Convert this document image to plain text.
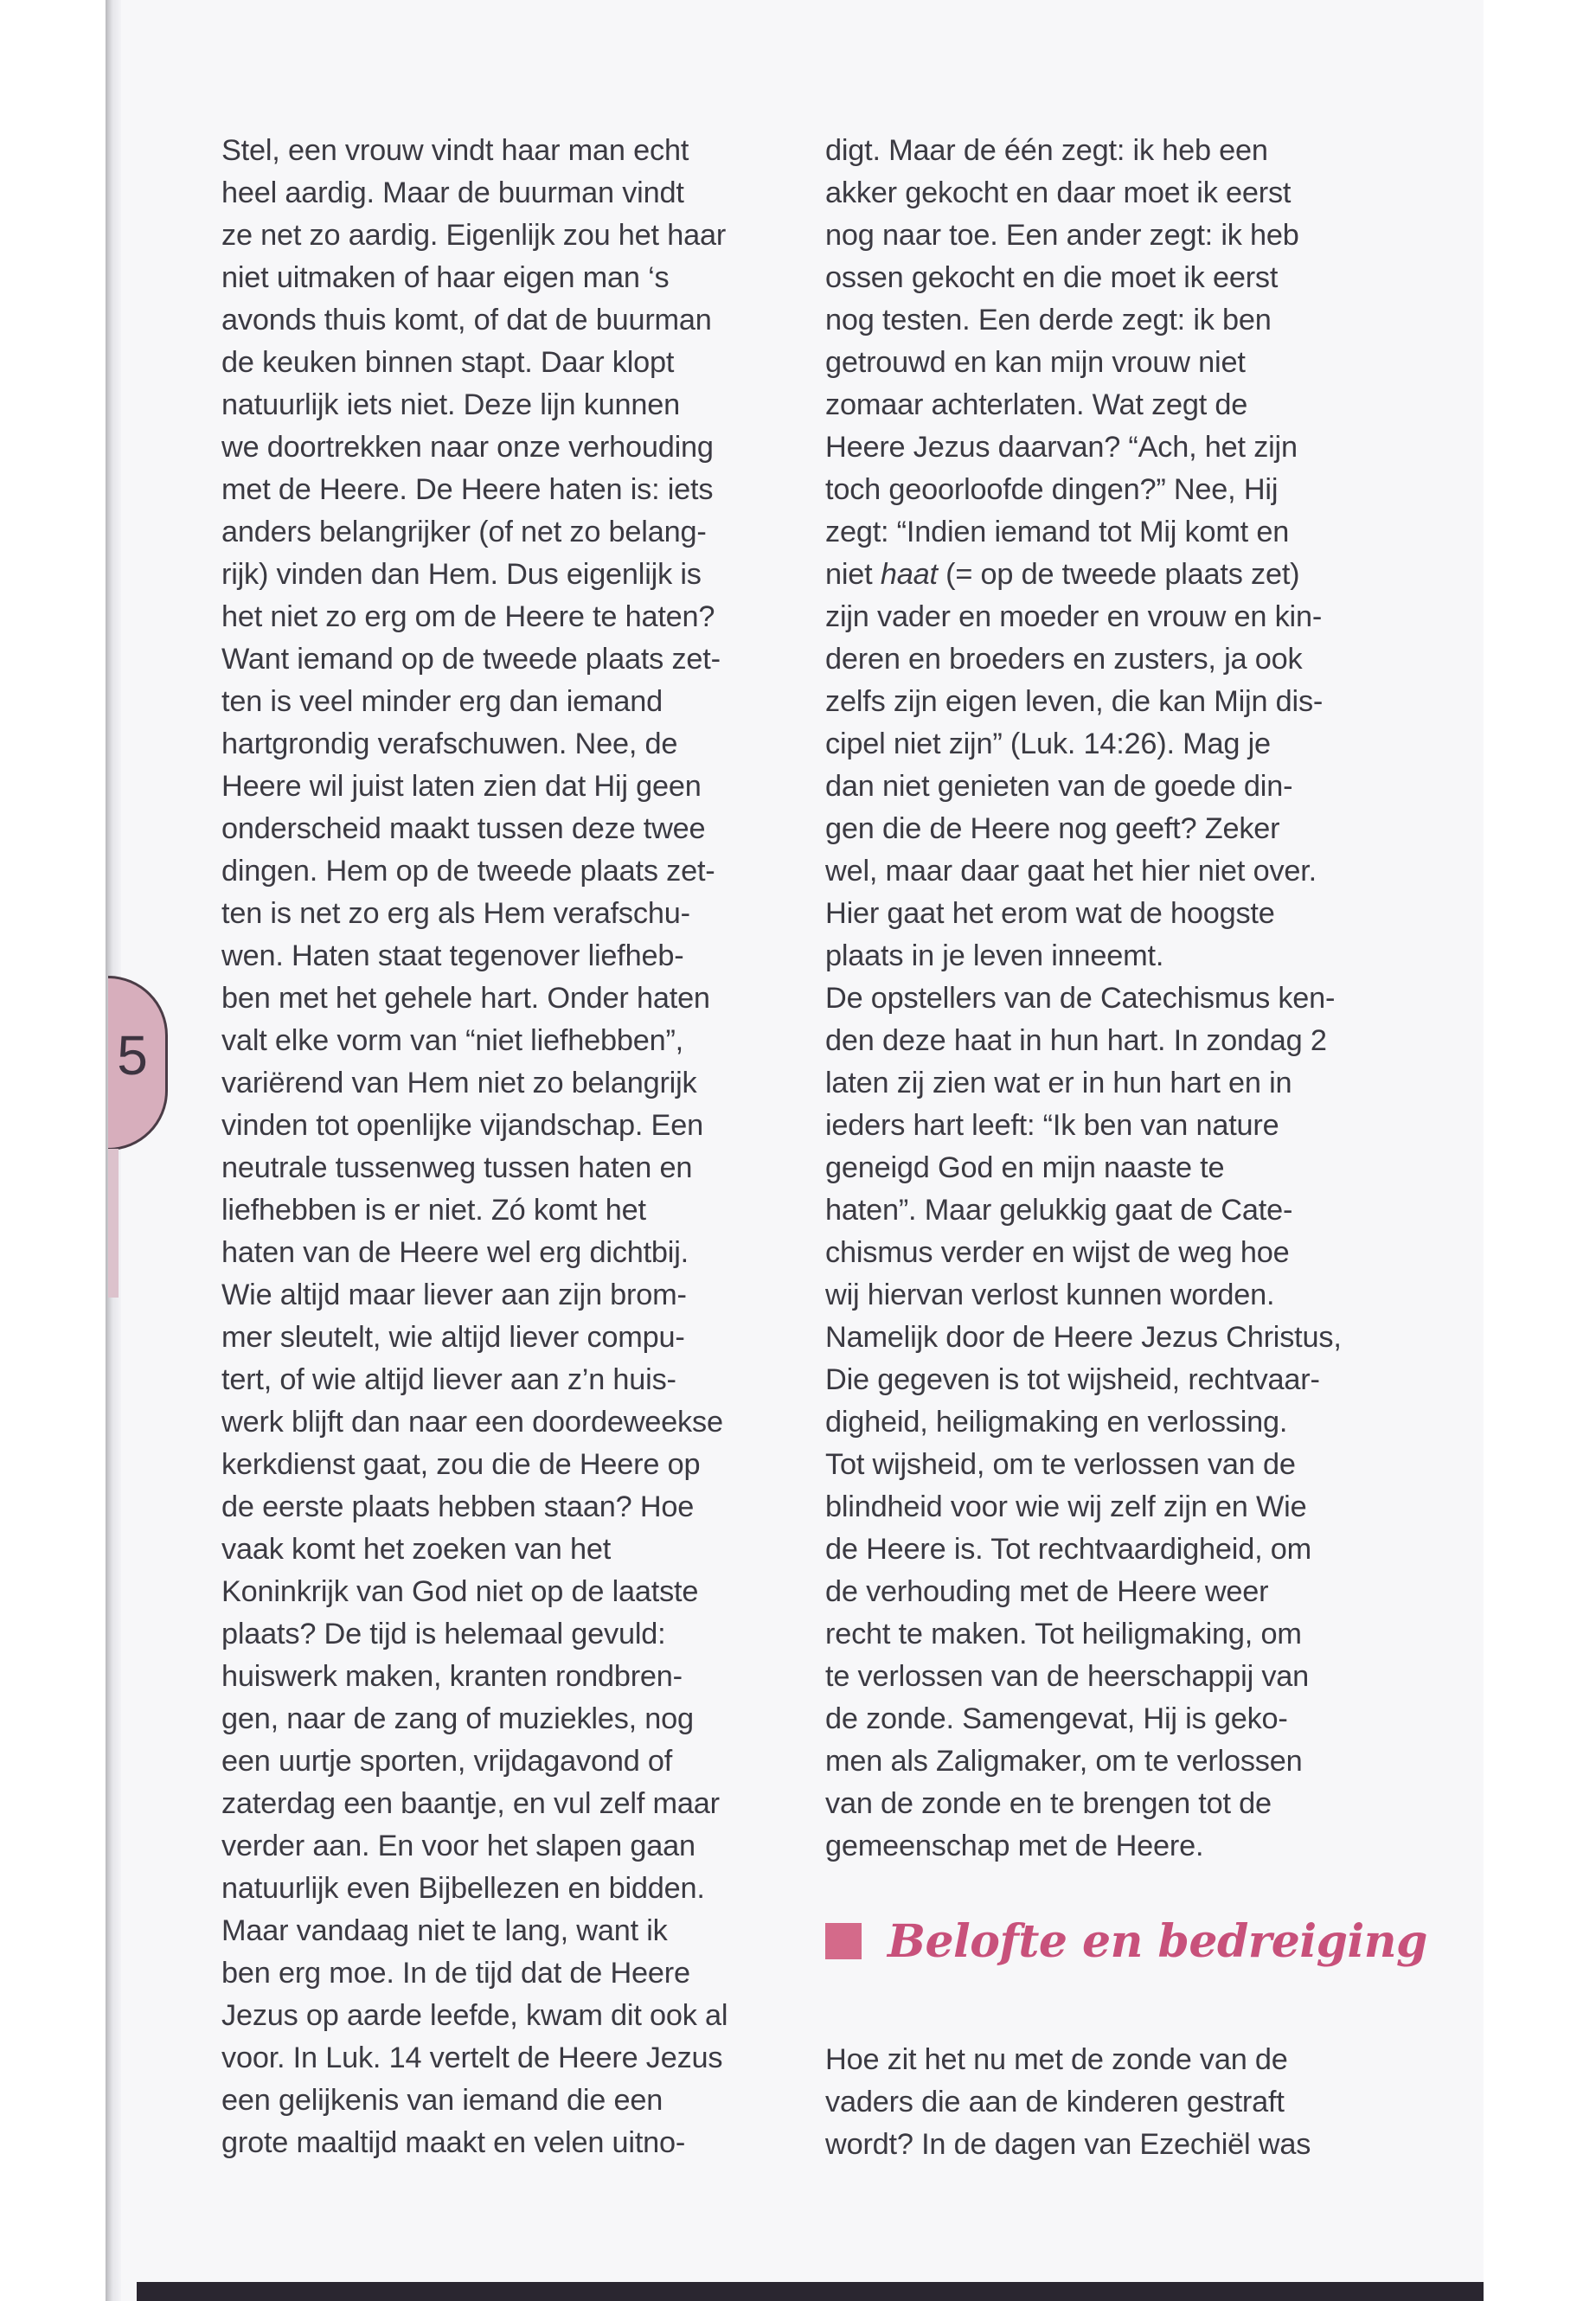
5
Stel, een vrouw vindt haar man echt
heel aardig. Maar de buurman vindt
ze net zo aardig. Eigenlijk zou het haar
niet uitmaken of haar eigen man ‘s
avonds thuis komt, of dat de buurman
de keuken binnen stapt. Daar klopt
natuurlijk iets niet. Deze lijn kunnen
we doortrekken naar onze verhouding
met de Heere. De Heere haten is: iets
anders belangrijker (of net zo belang-
rijk) vinden dan Hem. Dus eigenlijk is
het niet zo erg om de Heere te haten?
Want iemand op de tweede plaats zet-
ten is veel minder erg dan iemand
hartgrondig verafschuwen. Nee, de
Heere wil juist laten zien dat Hij geen
onderscheid maakt tussen deze twee
dingen. Hem op de tweede plaats zet-
ten is net zo erg als Hem verafschu-
wen. Haten staat tegenover liefheb-
ben met het gehele hart. Onder haten
valt elke vorm van “niet liefhebben”,
variërend van Hem niet zo belangrijk
vinden tot openlijke vijandschap. Een
neutrale tussenweg tussen haten en
liefhebben is er niet. Zó komt het
haten van de Heere wel erg dichtbij.
Wie altijd maar liever aan zijn brom-
mer sleutelt, wie altijd liever compu-
tert, of wie altijd liever aan z’n huis-
werk blijft dan naar een doordeweekse
kerkdienst gaat, zou die de Heere op
de eerste plaats hebben staan? Hoe
vaak komt het zoeken van het
Koninkrijk van God niet op de laatste
plaats? De tijd is helemaal gevuld:
huiswerk maken, kranten rondbren-
gen, naar de zang of muziekles, nog
een uurtje sporten, vrijdagavond of
zaterdag een baantje, en vul zelf maar
verder aan. En voor het slapen gaan
natuurlijk even Bijbellezen en bidden.
Maar vandaag niet te lang, want ik
ben erg moe. In de tijd dat de Heere
Jezus op aarde leefde, kwam dit ook al
voor. In Luk. 14 vertelt de Heere Jezus
een gelijkenis van iemand die een
grote maaltijd maakt en velen uitno-
digt. Maar de één zegt: ik heb een
akker gekocht en daar moet ik eerst
nog naar toe. Een ander zegt: ik heb
ossen gekocht en die moet ik eerst
nog testen. Een derde zegt: ik ben
getrouwd en kan mijn vrouw niet
zomaar achterlaten. Wat zegt de
Heere Jezus daarvan? “Ach, het zijn
toch geoorloofde dingen?” Nee, Hij
zegt: “Indien iemand tot Mij komt en
niet haat (= op de tweede plaats zet)
zijn vader en moeder en vrouw en kin-
deren en broeders en zusters, ja ook
zelfs zijn eigen leven, die kan Mijn dis-
cipel niet zijn” (Luk. 14:26). Mag je
dan niet genieten van de goede din-
gen die de Heere nog geeft? Zeker
wel, maar daar gaat het hier niet over.
Hier gaat het erom wat de hoogste
plaats in je leven inneemt.
De opstellers van de Catechismus ken-
den deze haat in hun hart. In zondag 2
laten zij zien wat er in hun hart en in
ieders hart leeft: “Ik ben van nature
geneigd God en mijn naaste te
haten”. Maar gelukkig gaat de Cate-
chismus verder en wijst de weg hoe
wij hiervan verlost kunnen worden.
Namelijk door de Heere Jezus Christus,
Die gegeven is tot wijsheid, rechtvaar-
digheid, heiligmaking en verlossing.
Tot wijsheid, om te verlossen van de
blindheid voor wie wij zelf zijn en Wie
de Heere is. Tot rechtvaardigheid, om
de verhouding met de Heere weer
recht te maken. Tot heiligmaking, om
te verlossen van de heerschappij van
de zonde. Samengevat, Hij is geko-
men als Zaligmaker, om te verlossen
van de zonde en te brengen tot de
gemeenschap met de Heere.
Belofte en bedreiging
Hoe zit het nu met de zonde van de
vaders die aan de kinderen gestraft
wordt? In de dagen van Ezechiël was
